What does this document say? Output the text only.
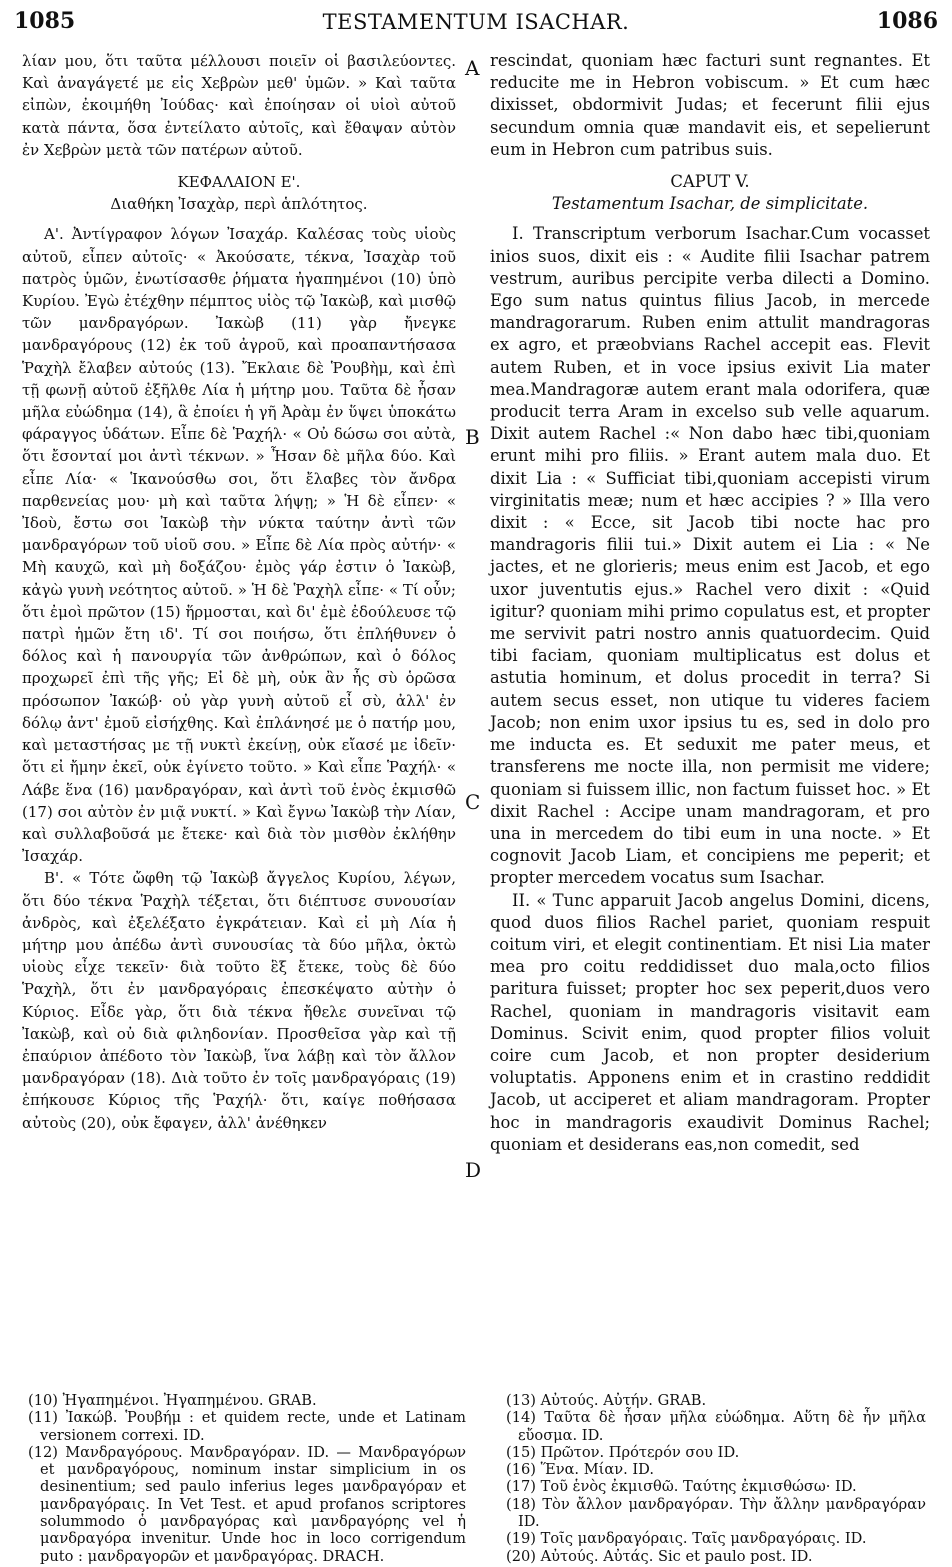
1085	TESTAMENTUM ISACHAR.	1086

λίαν μου, ὅτι ταῦτα μέλλουσι ποιεῖν οἱ βασιλεύοντες. Καὶ ἀναγάγετέ με εἰς Χεβρὼν μεθ' ὑμῶν. » Καὶ ταῦτα εἰπὼν, ἐκοιμήθη Ἰούδας· καὶ ἐποίησαν οἱ υἱοὶ αὐτοῦ κατὰ πάντα, ὅσα ἐντείλατο αὐτοῖς, καὶ ἔθαψαν αὐτὸν ἐν Χεβρὼν μετὰ τῶν πατέρων αὐτοῦ.

ΚΕΦΑΛΑΙΟΝ Ε'.
Διαθήκη Ἰσαχὰρ, περὶ ἁπλότητος.

Α'. Ἀντίγραφον λόγων Ἰσαχάρ. Καλέσας τοὺς υἱοὺς αὐτοῦ, εἶπεν αὐτοῖς· « Ἀκούσατε, τέκνα, Ἰσαχὰρ τοῦ πατρὸς ὑμῶν, ἐνωτίσασθε ῥήματα ἠγαπημένοι (10) ὑπὸ Κυρίου. Ἐγὼ ἐτέχθην πέμπτος υἱὸς τῷ Ἰακὼβ, καὶ μισθῷ τῶν μανδραγόρων. Ἰακὼβ (11) γὰρ ἤνεγκε μανδραγόρους (12) ἐκ τοῦ ἀγροῦ, καὶ προαπαντήσασα Ῥαχὴλ ἔλαβεν αὐτούς (13). Ἔκλαιε δὲ Ῥουβὴμ, καὶ ἐπὶ τῇ φωνῇ αὐτοῦ ἐξῆλθε Λία ἡ μήτηρ μου. Ταῦτα δὲ ἦσαν μῆλα εὐώδημα (14), ἃ ἐποίει ἡ γῆ Ἀρὰμ ἐν ὕψει ὑποκάτω φάραγγος ὑδάτων. Εἶπε δὲ Ῥαχήλ· « Οὐ δώσω σοι αὐτὰ, ὅτι ἔσονταί μοι ἀντὶ τέκνων. » Ἦσαν δὲ μῆλα δύο. Καὶ εἶπε Λία· « Ἱκανούσθω σοι, ὅτι ἔλαβες τὸν ἄνδρα παρθενείας μου· μὴ καὶ ταῦτα λήψῃ; » Ἡ δὲ εἶπεν· « Ἰδοὺ, ἔστω σοι Ἰακὼβ τὴν νύκτα ταύτην ἀντὶ τῶν μανδραγόρων τοῦ υἱοῦ σου. » Εἶπε δὲ Λία πρὸς αὐτήν· « Μὴ καυχῶ, καὶ μὴ δοξάζου· ἐμὸς γάρ ἐστιν ὁ Ἰακὼβ, κἀγὼ γυνὴ νεότητος αὐτοῦ. » Ἡ δὲ Ῥαχὴλ εἶπε· « Τί οὖν; ὅτι ἐμοὶ πρῶτον (15) ἥρμοσται, καὶ δι' ἐμὲ ἐδούλευσε τῷ πατρὶ ἡμῶν ἔτη ιδ'. Τί σοι ποιήσω, ὅτι ἐπλήθυνεν ὁ δόλος καὶ ἡ πανουργία τῶν ἀνθρώπων, καὶ ὁ δόλος προχωρεῖ ἐπὶ τῆς γῆς; Εἰ δὲ μὴ, οὐκ ἂν ἧς σὺ ὁρῶσα πρόσωπον Ἰακώβ· οὐ γὰρ γυνὴ αὐτοῦ εἶ σὺ, ἀλλ' ἐν δόλῳ ἀντ' ἐμοῦ εἰσήχθης. Καὶ ἐπλάνησέ με ὁ πατήρ μου, καὶ μεταστήσας με τῇ νυκτὶ ἐκείνῃ, οὐκ εἴασέ με ἰδεῖν· ὅτι εἰ ἤμην ἐκεῖ, οὐκ ἐγίνετο τοῦτο. » Καὶ εἶπε Ῥαχήλ· « Λάβε ἕνα (16) μανδραγόραν, καὶ ἀντὶ τοῦ ἑνὸς ἐκμισθῶ (17) σοι αὐτὸν ἐν μιᾷ νυκτί. » Καὶ ἔγνω Ἰακὼβ τὴν Λίαν, καὶ συλλαβοῦσά με ἔτεκε· καὶ διὰ τὸν μισθὸν ἐκλήθην Ἰσαχάρ.

Β'. « Τότε ὤφθη τῷ Ἰακὼβ ἄγγελος Κυρίου, λέγων, ὅτι δύο τέκνα Ῥαχὴλ τέξεται, ὅτι διέπτυσε συνουσίαν ἀνδρὸς, καὶ ἐξελέξατο ἐγκράτειαν. Καὶ εἰ μὴ Λία ἡ μήτηρ μου ἀπέδω ἀντὶ συνουσίας τὰ δύο μῆλα, ὀκτὼ υἱοὺς εἶχε τεκεῖν· διὰ τοῦτο ἓξ ἔτεκε, τοὺς δὲ δύο Ῥαχὴλ, ὅτι ἐν μανδραγόραις ἐπεσκέψατο αὐτὴν ὁ Κύριος. Εἶδε γὰρ, ὅτι διὰ τέκνα ἤθελε συνεῖναι τῷ Ἰακὼβ, καὶ οὐ διὰ φιληδονίαν. Προσθεῖσα γὰρ καὶ τῇ ἐπαύριον ἀπέδοτο τὸν Ἰακὼβ, ἵνα λάβῃ καὶ τὸν ἄλλον μανδραγόραν (18). Διὰ τοῦτο ἐν τοῖς μανδραγόραις (19) ἐπήκουσε Κύριος τῆς Ῥαχήλ· ὅτι, καίγε ποθήσασα αὐτοὺς (20), οὐκ ἔφαγεν, ἀλλ' ἀνέθηκεν

A
B
C
D

rescindat, quoniam hæc facturi sunt regnantes. Et reducite me in Hebron vobiscum. » Et cum hæc dixisset, obdormivit Judas; et fecerunt filii ejus secundum omnia quæ mandavit eis, et sepelierunt eum in Hebron cum patribus suis.

CAPUT V.
Testamentum Isachar, de simplicitate.

I. Transcriptum verborum Isachar.Cum vocasset inios suos, dixit eis : « Audite filii Isachar patrem vestrum, auribus percipite verba dilecti a Domino. Ego sum natus quintus filius Jacob, in mercede mandragorarum. Ruben enim attulit mandragoras ex agro, et præobvians Rachel accepit eas. Flevit autem Ruben, et in voce ipsius exivit Lia mater mea.Mandragoræ autem erant mala odorifera, quæ producit terra Aram in excelso sub velle aquarum. Dixit autem Rachel :« Non dabo hæc tibi,quoniam erunt mihi pro filiis. » Erant autem mala duo. Et dixit Lia : « Sufficiat tibi,quoniam accepisti virum virginitatis meæ; num et hæc accipies ? » Illa vero dixit : « Ecce, sit Jacob tibi nocte hac pro mandragoris filii tui.» Dixit autem ei Lia : « Ne jactes, et ne glorieris; meus enim est Jacob, et ego uxor juventutis ejus.» Rachel vero dixit : «Quid igitur? quoniam mihi primo copulatus est, et propter me servivit patri nostro annis quatuordecim. Quid tibi faciam, quoniam multiplicatus est dolus et astutia hominum, et dolus procedit in terra? Si autem secus esset, non utique tu videres faciem Jacob; non enim uxor ipsius tu es, sed in dolo pro me inducta es. Et seduxit me pater meus, et transferens me nocte illa, non permisit me videre; quoniam si fuissem illic, non factum fuisset hoc. » Et dixit Rachel : Accipe unam mandragoram, et pro una in mercedem do tibi eum in una nocte. » Et cognovit Jacob Liam, et concipiens me peperit; et propter mercedem vocatus sum Isachar.

II. « Tunc apparuit Jacob angelus Domini, dicens, quod duos filios Rachel pariet, quoniam respuit coitum viri, et elegit continentiam. Et nisi Lia mater mea pro coitu reddidisset duo mala,octo filios paritura fuisset; propter hoc sex peperit,duos vero Rachel, quoniam in mandragoris visitavit eam Dominus. Scivit enim, quod propter filios voluit coire cum Jacob, et non propter desiderium voluptatis. Apponens enim et in crastino reddidit Jacob, ut acciperet et aliam mandragoram. Propter hoc in mandragoris exaudivit Dominus Rachel; quoniam et desiderans eas,non comedit, sed

(10) Ἠγαπημένοι. Ἠγαπημένου. GRAB.

(11) Ἰακώβ. Ῥουβήμ : et quidem recte, unde et Latinam versionem correxi. ID.

(12) Μανδραγόρους. Μανδραγόραν. ID. — Μανδραγόρων et μανδραγόρους, nominum instar simplicium in os desinentium; sed paulo inferius leges μανδραγόραν et μανδραγόραις. In Vet Test. et apud profanos scriptores solummodo ὁ μανδραγόρας καὶ μανδραγόρης vel ἡ μανδραγόρα invenitur. Unde hoc in loco corrigendum puto : μανδραγορῶν et μανδραγόρας. DRACH.

(13) Αὐτούς. Αὐτήν. GRAB.

(14) Ταῦτα δὲ ἦσαν μῆλα εὐώδημα. Αὕτη δὲ ἦν μῆλα εὔοσμα. ID.

(15) Πρῶτον. Πρότερόν σου ID.

(16) Ἕνα. Μίαν. ID.

(17) Τοῦ ἑνὸς ἐκμισθῶ. Ταύτης ἐκμισθώσω· ID.

(18) Τὸν ἄλλον μανδραγόραν. Τὴν ἄλλην μανδραγόραν ID.

(19) Τοῖς μανδραγόραις. Ταῖς μανδραγόραις. ID.

(20) Αὐτούς. Αὐτάς. Sic et paulo post. ID.
